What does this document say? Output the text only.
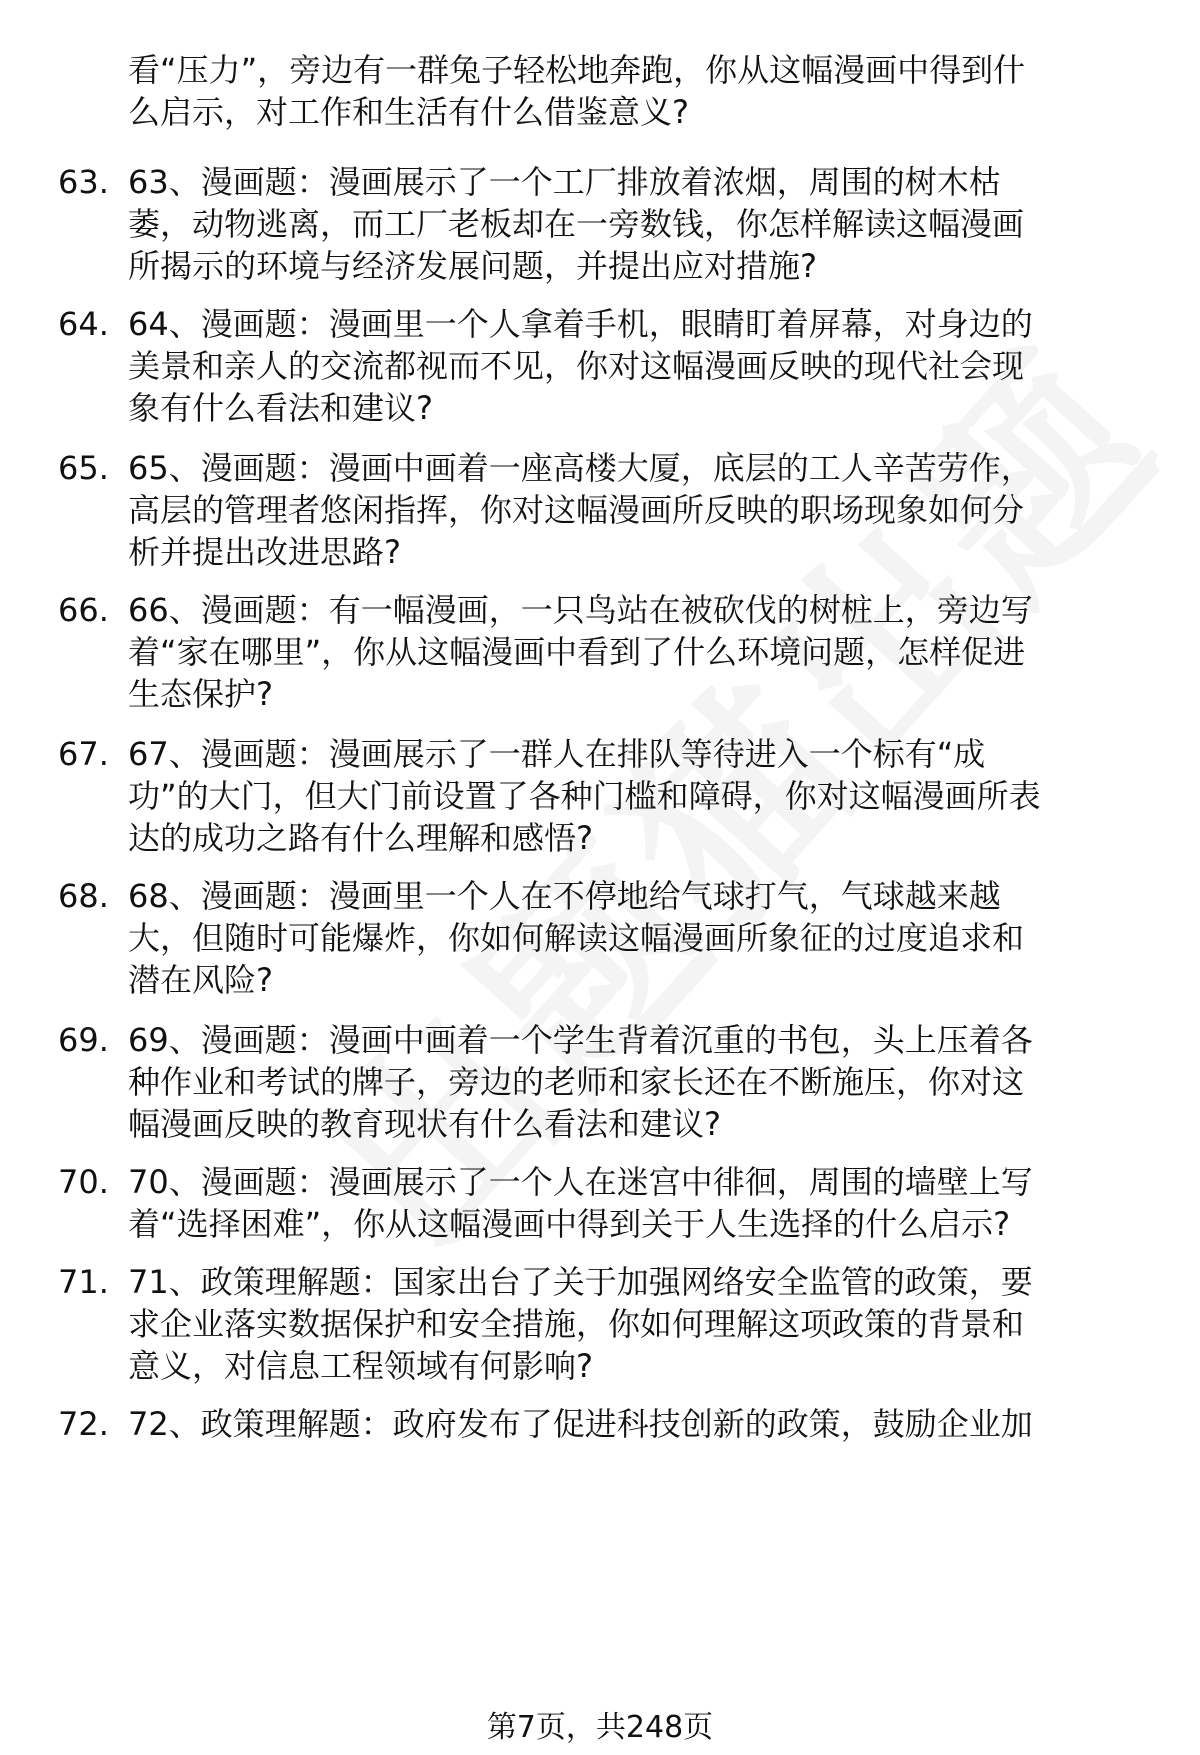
看“压力”，旁边有一群兔子轻松地奔跑，你从这幅漫画中得到什
么启示，对工作和生活有什么借鉴意义?
63. 63、漫画题：漫画展示了一个工厂排放着浓烟，周围的树木枯
萎，动物逃离，而工厂老板却在一旁数钱，你怎样解读这幅漫画
所揭示的环境与经济发展问题，并提出应对措施?
64. 64、漫画题：漫画里一个人拿着手机，眼睛盯着屏幕，对身边的
美景和亲人的交流都视而不见，你对这幅漫画反映的现代社会现
象有什么看法和建议?
65. 65、漫画题：漫画中画着一座高楼大厦，底层的工人辛苦劳作，
高层的管理者悠闲指挥，你对这幅漫画所反映的职场现象如何分
析并提出改进思路?
66. 66、漫画题：有一幅漫画，一只鸟站在被砍伐的树桩上，旁边写
着“家在哪里”，你从这幅漫画中看到了什么环境问题，怎样促进
生态保护?
67. 67、漫画题：漫画展示了一群人在排队等待进入一个标有“成
功”的大门，但大门前设置了各种门槛和障碍，你对这幅漫画所表
达的成功之路有什么理解和感悟?
68. 68、漫画题：漫画里一个人在不停地给气球打气，气球越来越
大，但随时可能爆炸，你如何解读这幅漫画所象征的过度追求和
潜在风险?
69. 69、漫画题：漫画中画着一个学生背着沉重的书包，头上压着各
种作业和考试的牌子，旁边的老师和家长还在不断施压，你对这
幅漫画反映的教育现状有什么看法和建议?
70. 70、漫画题：漫画展示了一个人在迷宫中徘徊，周围的墙壁上写
着“选择困难”，你从这幅漫画中得到关于人生选择的什么启示?
71. 71、政策理解题：国家出台了关于加强网络安全监管的政策，要
求企业落实数据保护和安全措施，你如何理解这项政策的背景和
意义，对信息工程领域有何影响?
72. 72、政策理解题：政府发布了促进科技创新的政策，鼓励企业加
第7页，共248页
